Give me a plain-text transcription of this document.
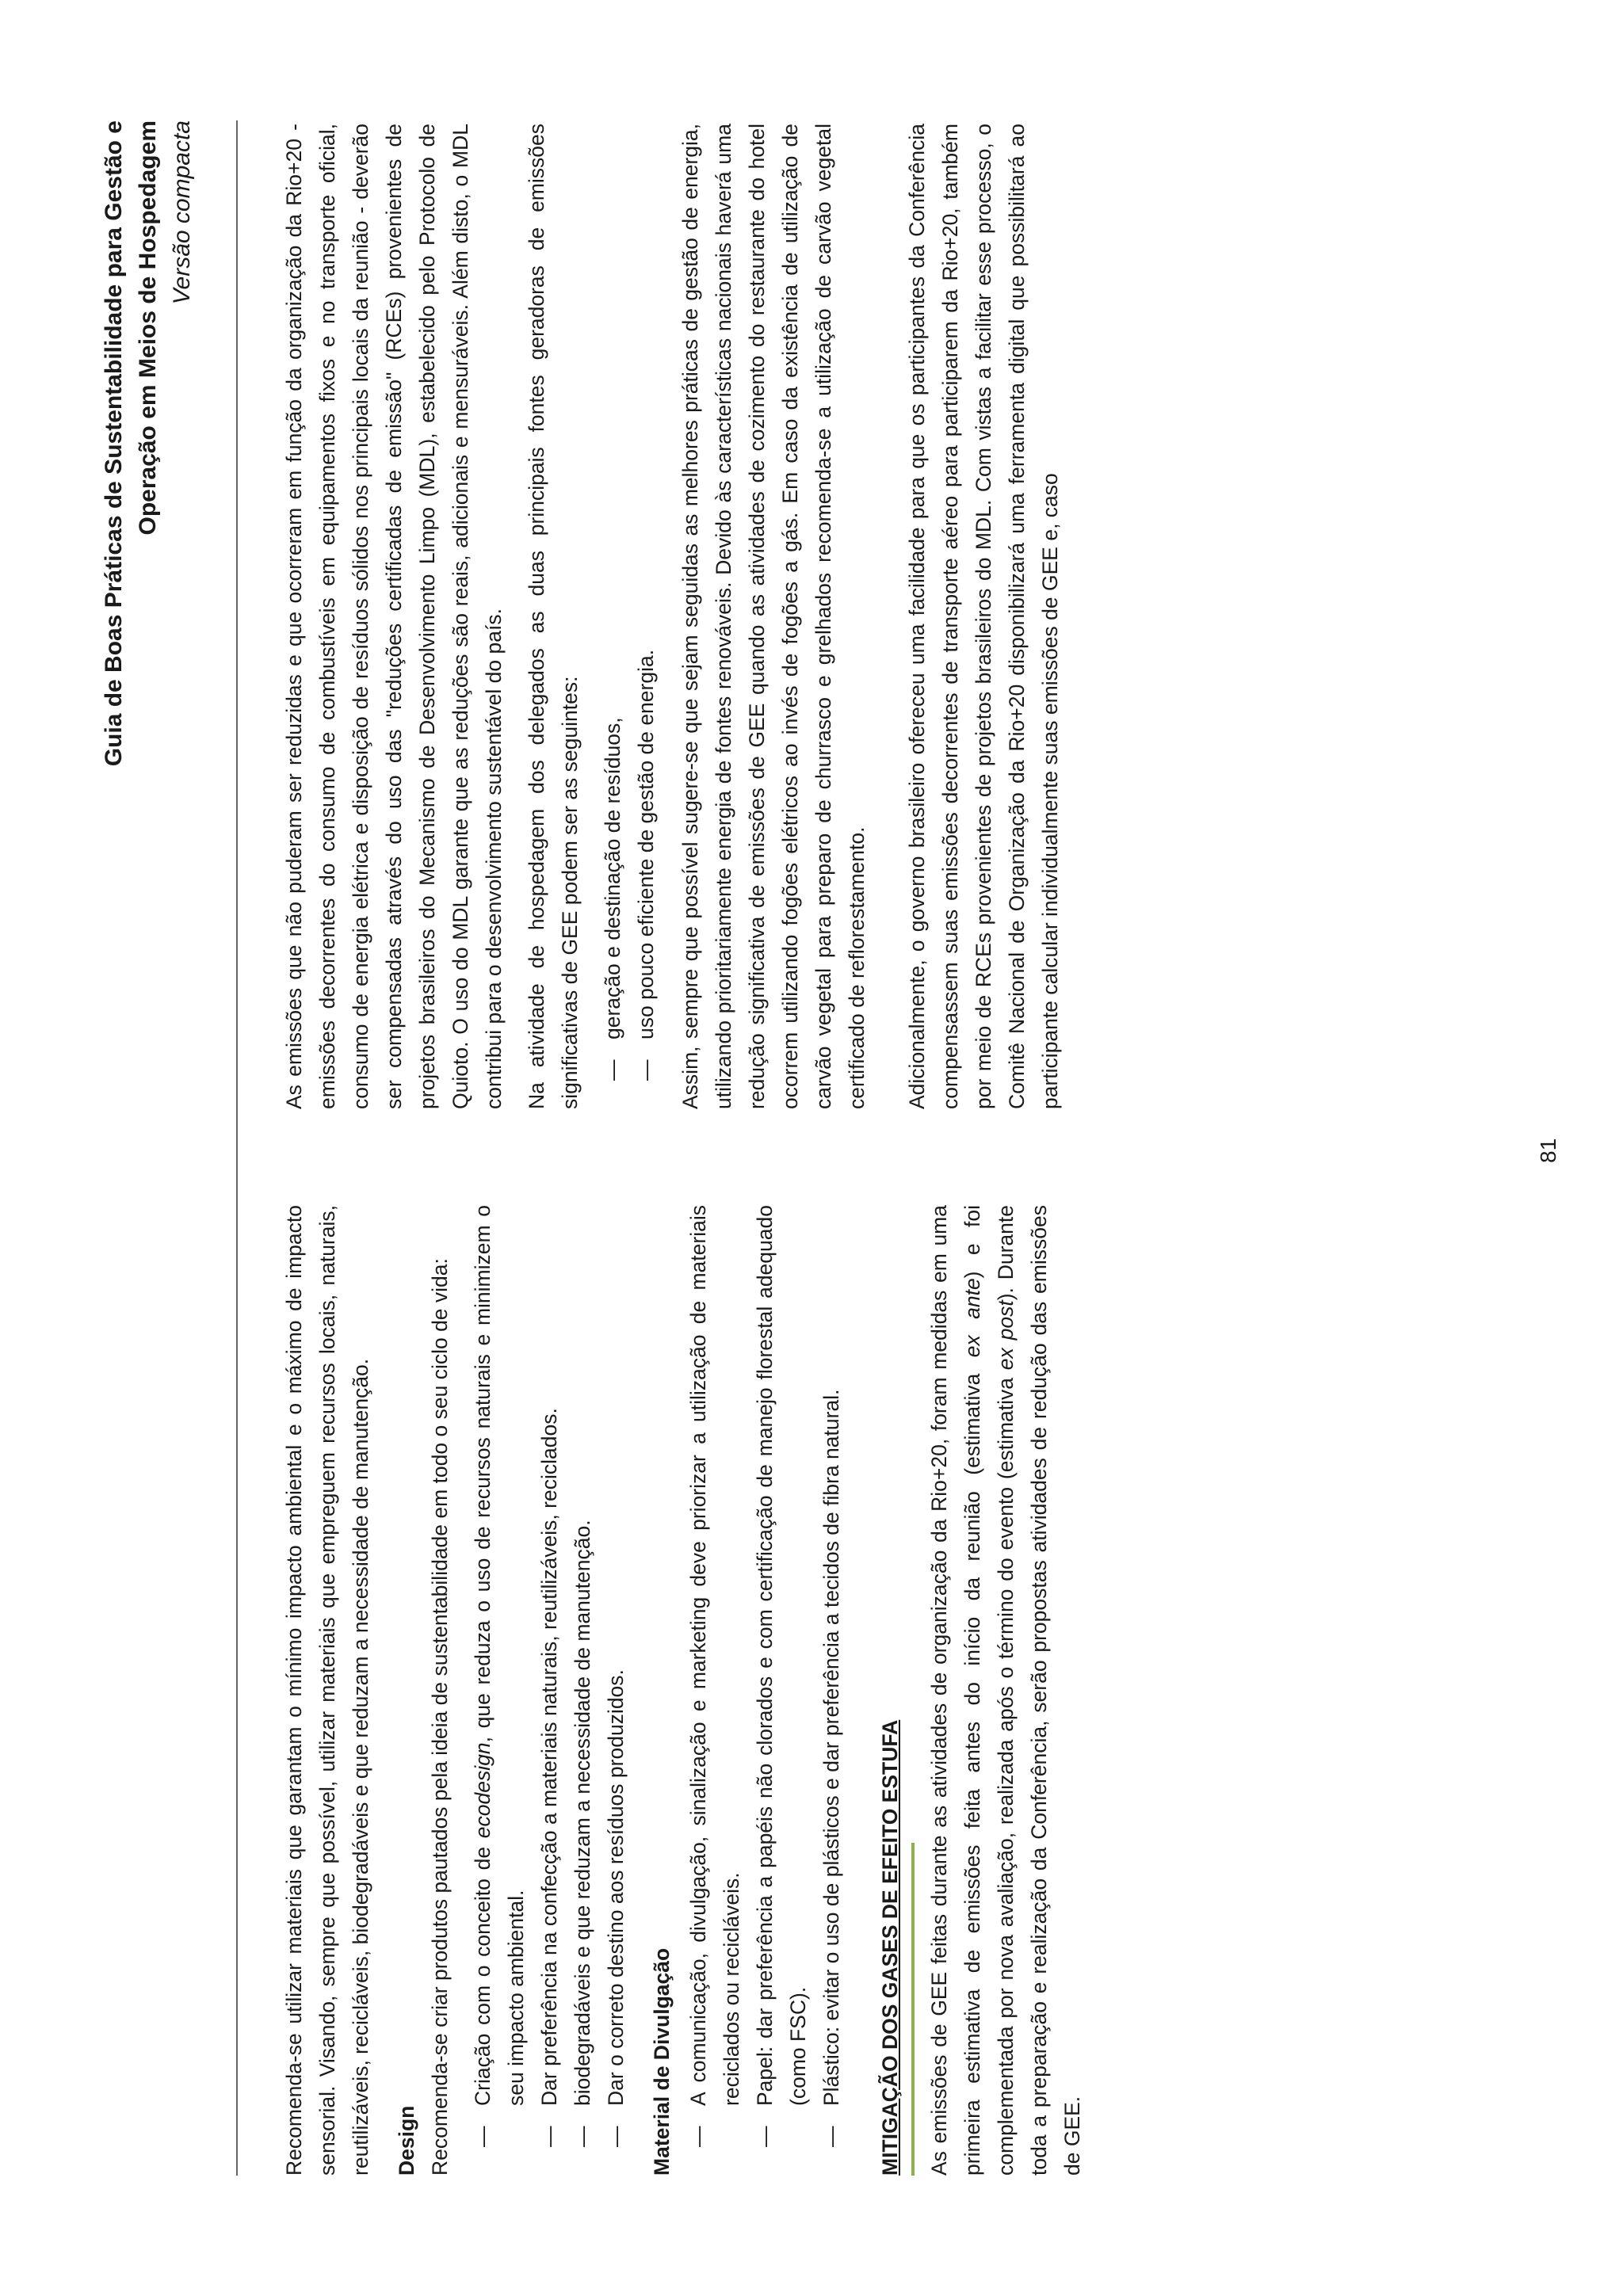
Guia de Boas Práticas de Sustentabilidade para Gestão e Operação em Meios de Hospedagem Versão compacta

Recomenda-se utilizar materiais que garantam o mínimo impacto ambiental e o máximo de impacto sensorial. Visando, sempre que possível, utilizar materiais que empreguem recursos locais, naturais, reutilizáveis, recicláveis, biodegradáveis e que reduzam a necessidade de manutenção. Design Recomenda-se criar produtos pautados pela ideia de sustentabilidade em todo o seu ciclo de vida: —
Criação com o conceito de ecodesign, que reduza o uso de recursos naturais e minimizem o seu impacto ambiental.
—
Dar preferência na confecção a materiais naturais, reutilizáveis, reciclados.
—
biodegradáveis e que reduzam a necessidade de manutenção.
—
Dar o correto destino aos resíduos produzidos. Material de Divulgação —
A comunicação, divulgação, sinalização e marketing deve priorizar a utilização de materiais reciclados ou recicláveis.
—
Papel: dar preferência a papéis não clorados e com certificação de manejo florestal adequado (como FSC).
—
Plástico: evitar o uso de plásticos e dar preferência a tecidos de fibra natural. MITIGAÇÃO DOS GASES DE EFEITO ESTUFA As emissões de GEE feitas durante as atividades de organização da Rio+20, foram medidas em uma primeira estimativa de emissões feita antes do início da reunião (estimativa ex ante) e foi complementada por nova avaliação, realizada após o término do evento (estimativa ex post). Durante toda a preparação e realização da Conferência, serão propostas atividades de redução das emissões de GEE.

81

As emissões que não puderam ser reduzidas e que ocorreram em função da organização da Rio+20 - emissões decorrentes do consumo de combustíveis em equipamentos fixos e no transporte oficial, consumo de energia elétrica e disposição de resíduos sólidos nos principais locais da reunião - deverão ser compensadas através do uso das "reduções certificadas de emissão" (RCEs) provenientes de projetos brasileiros do Mecanismo de Desenvolvimento Limpo (MDL), estabelecido pelo Protocolo de Quioto. O uso do MDL garante que as reduções são reais, adicionais e mensuráveis. Além disto, o MDL contribui para o desenvolvimento sustentável do país. Na atividade de hospedagem dos delegados as duas principais fontes geradoras de emissões significativas de GEE podem ser as seguintes: —
geração e destinação de resíduos,
—
uso pouco eficiente de gestão de energia. Assim, sempre que possível sugere-se que sejam seguidas as melhores práticas de gestão de energia, utilizando prioritariamente energia de fontes renováveis. Devido às características nacionais haverá uma redução significativa de emissões de GEE quando as atividades de cozimento do restaurante do hotel ocorrem utilizando fogões elétricos ao invés de fogões a gás. Em caso da existência de utilização de carvão vegetal para preparo de churrasco e grelhados recomenda-se a utilização de carvão vegetal certificado de reflorestamento. Adicionalmente, o governo brasileiro ofereceu uma facilidade para que os participantes da Conferência compensassem suas emissões decorrentes de transporte aéreo para participarem da Rio+20, também por meio de RCEs provenientes de projetos brasileiros do MDL. Com vistas a facilitar esse processo, o Comitê Nacional de Organização da Rio+20 disponibilizará uma ferramenta digital que possibilitará ao participante calcular individualmente suas emissões de GEE e, caso
